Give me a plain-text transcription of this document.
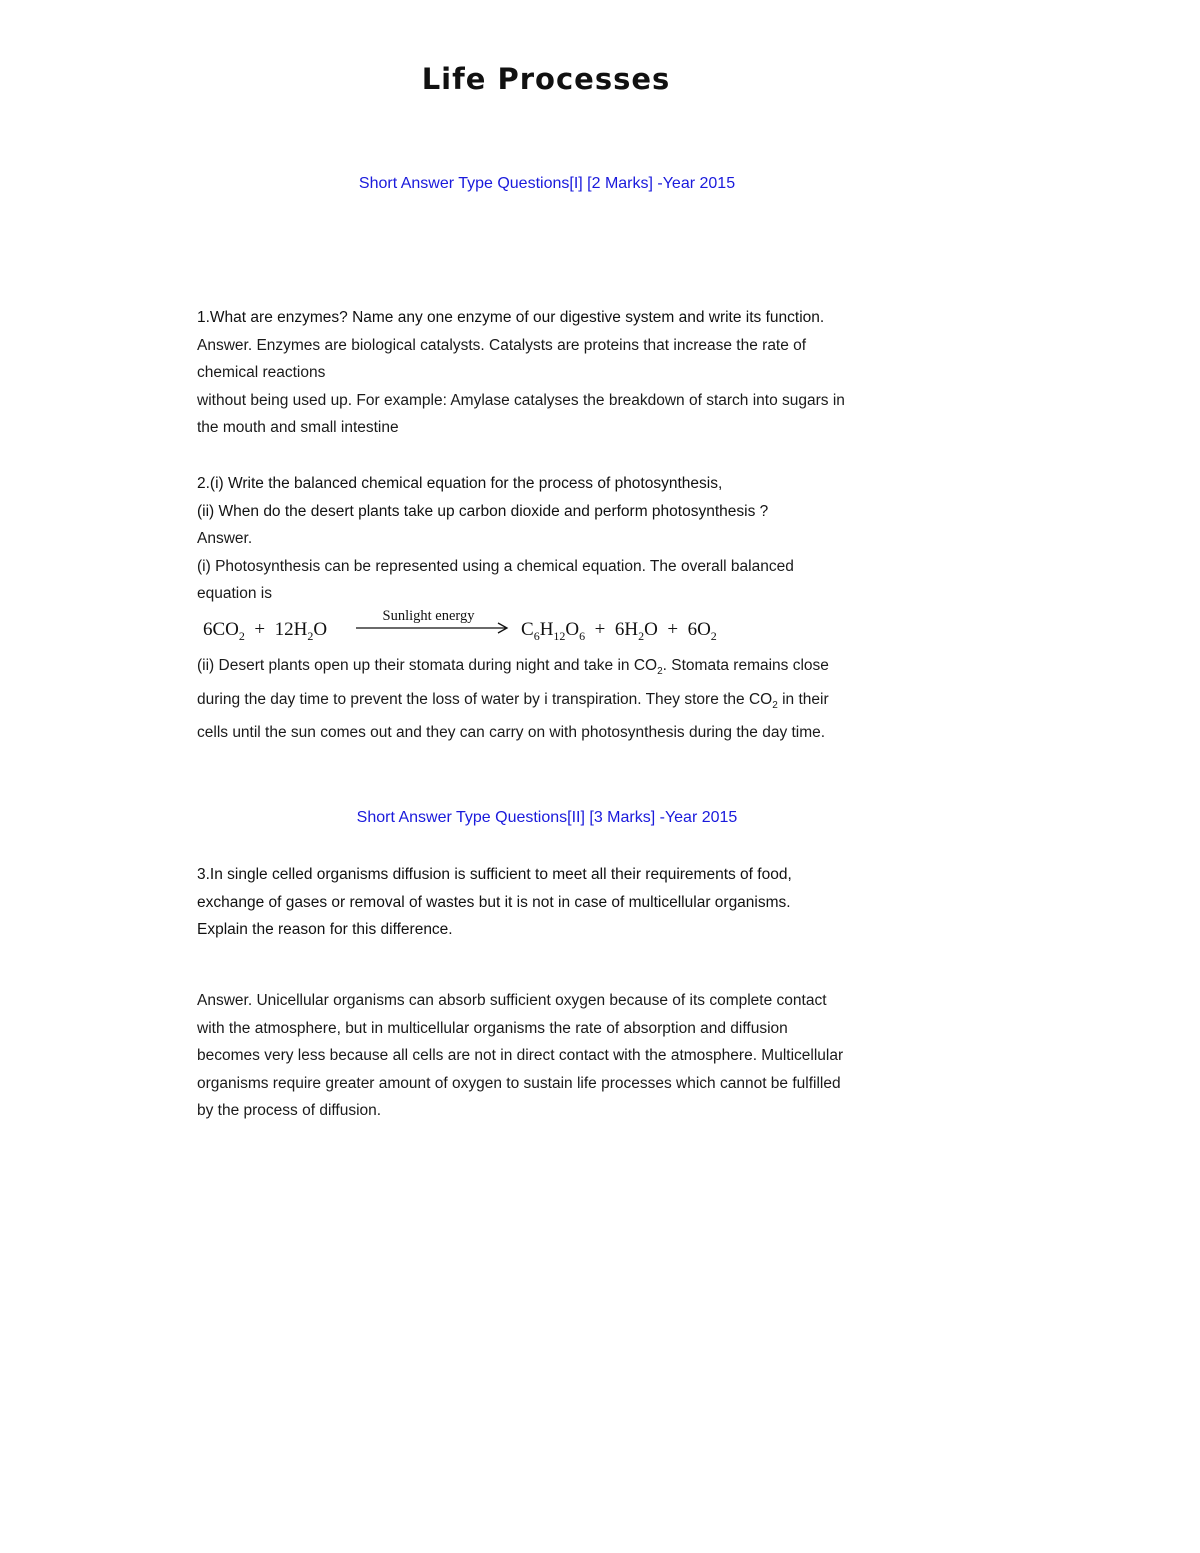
Life Processes

Short Answer Type Questions[I] [2 Marks] -Year 2015

1.What are enzymes? Name any one enzyme of our digestive system and write its function.
Answer. Enzymes are biological catalysts. Catalysts are proteins that increase the rate of
chemical reactions
without being used up. For example: Amylase catalyses the breakdown of starch into sugars in
the mouth and small intestine
2.(i) Write the balanced chemical equation for the process of photosynthesis,
(ii) When do the desert plants take up carbon dioxide and perform photosynthesis ?
Answer.
(i) Photosynthesis can be represented using a chemical equation. The overall balanced
equation is
$6CO_2 + 12H_2O$
Sunlight energy
$C_6H_{12}O_6 + 6H_2O + 6O_2$
(ii) Desert plants open up their stomata during night and take in $CO_2$. Stomata remains close
during the day time to prevent the loss of water by i transpiration. They store the $CO_2$ in their
cells until the sun comes out and they can carry on with photosynthesis during the day time.

Short Answer Type Questions[II] [3 Marks] -Year 2015

3.In single celled organisms diffusion is sufficient to meet all their requirements of food,
exchange of gases or removal of wastes but it is not in case of multicellular organisms.
Explain the reason for this difference.
Answer. Unicellular organisms can absorb sufficient oxygen because of its complete contact
with the atmosphere, but in multicellular organisms the rate of absorption and diffusion
becomes very less because all cells are not in direct contact with the atmosphere. Multicellular
organisms require greater amount of oxygen to sustain life processes which cannot be fulfilled
by the process of diffusion.
